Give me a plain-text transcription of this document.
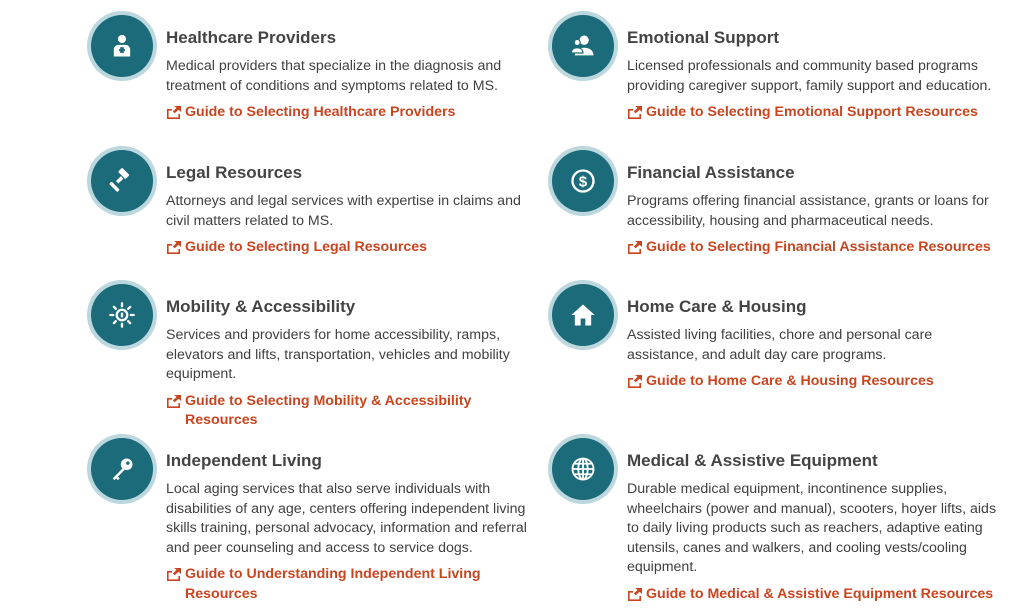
Healthcare Providers

Medical providers that specialize in the diagnosis and treatment of conditions and symptoms related to MS.

Guide to Selecting Healthcare Providers
Emotional Support

Licensed professionals and community based programs providing caregiver support, family support and education.

Guide to Selecting Emotional Support Resources
Legal Resources

Attorneys and legal services with expertise in claims and civil matters related to MS.

Guide to Selecting Legal Resources
$ Financial Assistance

Programs offering financial assistance, grants or loans for accessibility, housing and pharmaceutical needs.

Guide to Selecting Financial Assistance Resources
Mobility & Accessibility

Services and providers for home accessibility, ramps, elevators and lifts, transportation, vehicles and mobility equipment.

Guide to Selecting Mobility & Accessibility Resources
Home Care & Housing

Assisted living facilities, chore and personal care assistance, and adult day care programs.

Guide to Home Care & Housing Resources
Independent Living

Local aging services that also serve individuals with disabilities of any age, centers offering independent living skills training, personal advocacy, information and referral and peer counseling and access to service dogs.

Guide to Understanding Independent Living Resources
Medical & Assistive Equipment

Durable medical equipment, incontinence supplies, wheelchairs (power and manual), scooters, hoyer lifts, aids to daily living products such as reachers, adaptive eating utensils, canes and walkers, and cooling vests/cooling equipment.

Guide to Medical & Assistive Equipment Resources
